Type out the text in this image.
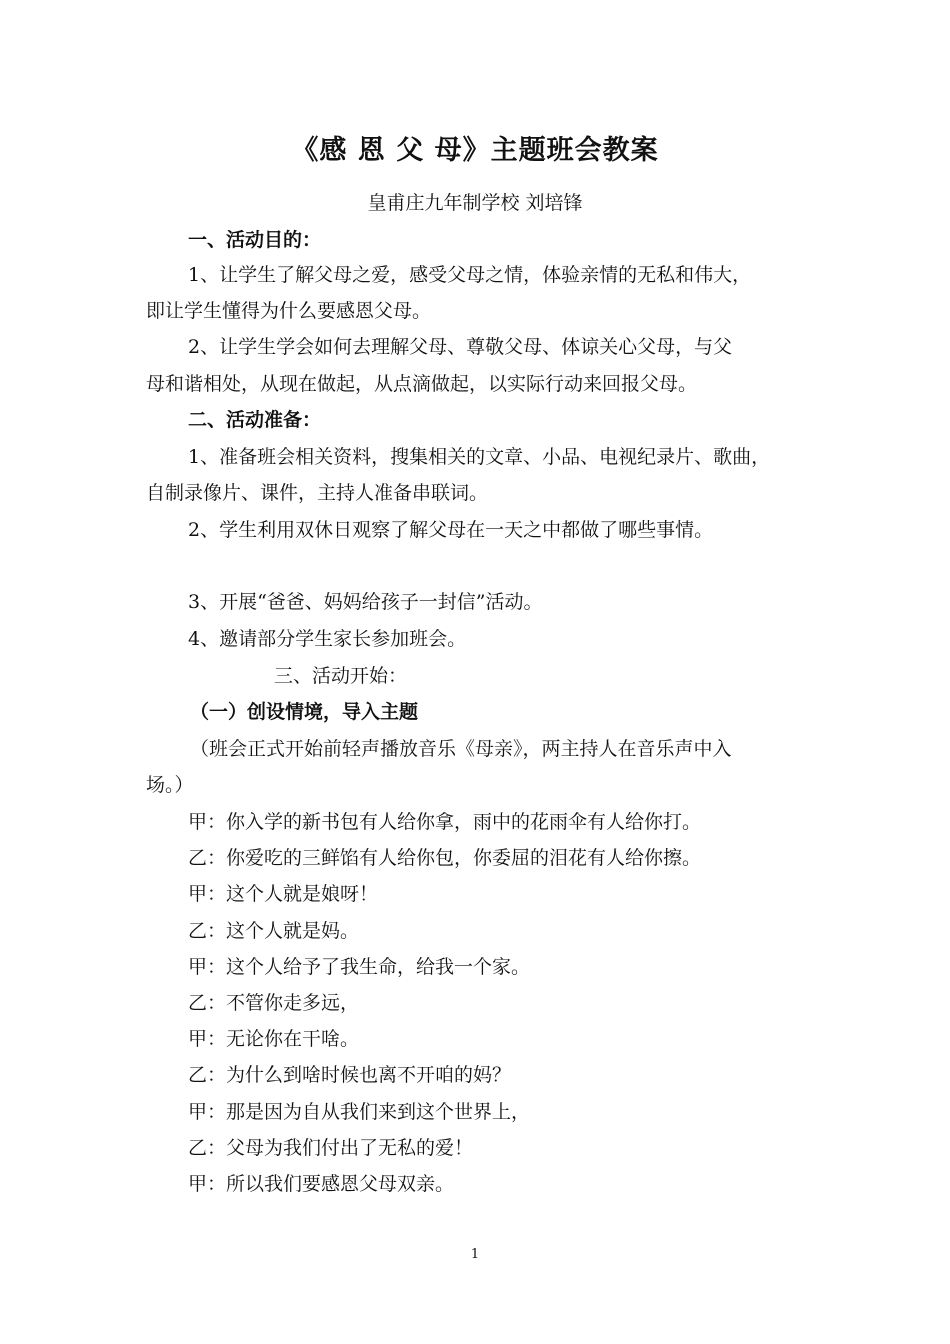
《感 恩 父 母》主题班会教案
皇甫庄九年制学校 刘培锋
一、活动目的：
1、让学生了解父母之爱，感受父母之情，体验亲情的无私和伟大，
即让学生懂得为什么要感恩父母。
2、让学生学会如何去理解父母、尊敬父母、体谅关心父母，与父
母和谐相处，从现在做起，从点滴做起，以实际行动来回报父母。
二、活动准备：
1、准备班会相关资料，搜集相关的文章、小品、电视纪录片、歌曲，
自制录像片、课件，主持人准备串联词。
2、学生利用双休日观察了解父母在一天之中都做了哪些事情。
3、开展“爸爸、妈妈给孩子一封信”活动。
4、邀请部分学生家长参加班会。
三、活动开始：
（一）创设情境，导入主题
（班会正式开始前轻声播放音乐《母亲》，两主持人在音乐声中入
场。）
甲：你入学的新书包有人给你拿，雨中的花雨伞有人给你打。
乙：你爱吃的三鲜馅有人给你包，你委屈的泪花有人给你擦。
甲：这个人就是娘呀！
乙：这个人就是妈。
甲：这个人给予了我生命，给我一个家。
乙：不管你走多远，
甲：无论你在干啥。
乙：为什么到啥时候也离不开咱的妈？
甲：那是因为自从我们来到这个世界上，
乙：父母为我们付出了无私的爱！
甲：所以我们要感恩父母双亲。
1
